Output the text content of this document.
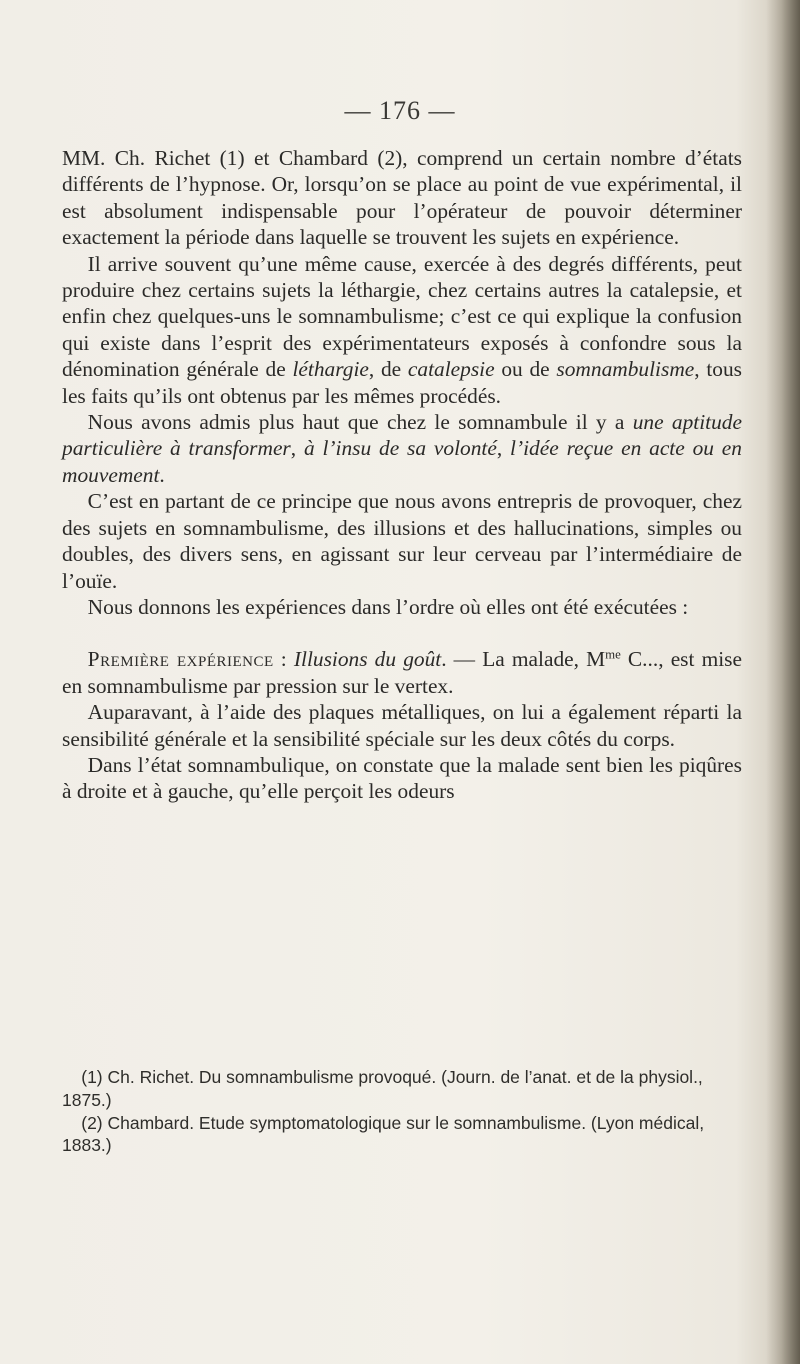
— 176 —

MM. Ch. Richet (1) et Chambard (2), comprend un certain nombre d’états différents de l’hypnose. Or, lorsqu’on se place au point de vue expérimental, il est absolument indispensable pour l’opérateur de pouvoir déterminer exactement la période dans laquelle se trouvent les sujets en expérience.

Il arrive souvent qu’une même cause, exercée à des degrés différents, peut produire chez certains sujets la léthargie, chez certains autres la catalepsie, et enfin chez quelques-uns le somnambulisme; c’est ce qui explique la confusion qui existe dans l’esprit des expérimentateurs exposés à confondre sous la dénomination générale de léthargie, de catalepsie ou de somnambulisme, tous les faits qu’ils ont obtenus par les mêmes procédés.

Nous avons admis plus haut que chez le somnambule il y a une aptitude particulière à transformer, à l’insu de sa volonté, l’idée reçue en acte ou en mouvement.

C’est en partant de ce principe que nous avons entrepris de provoquer, chez des sujets en somnambulisme, des illusions et des hallucinations, simples ou doubles, des divers sens, en agissant sur leur cerveau par l’intermédiaire de l’ouïe.

Nous donnons les expériences dans l’ordre où elles ont été exécutées :

Première expérience : Illusions du goût. — La malade, $M^{me}$ C..., est mise en somnambulisme par pression sur le vertex.

Auparavant, à l’aide des plaques métalliques, on lui a également réparti la sensibilité générale et la sensibilité spéciale sur les deux côtés du corps.

Dans l’état somnambulique, on constate que la malade sent bien les piqûres à droite et à gauche, qu’elle perçoit les odeurs

(1) Ch. Richet. Du somnambulisme provoqué. (Journ. de l’anat. et de la physiol., 1875.)

(2) Chambard. Etude symptomatologique sur le somnambulisme. (Lyon médical, 1883.)
